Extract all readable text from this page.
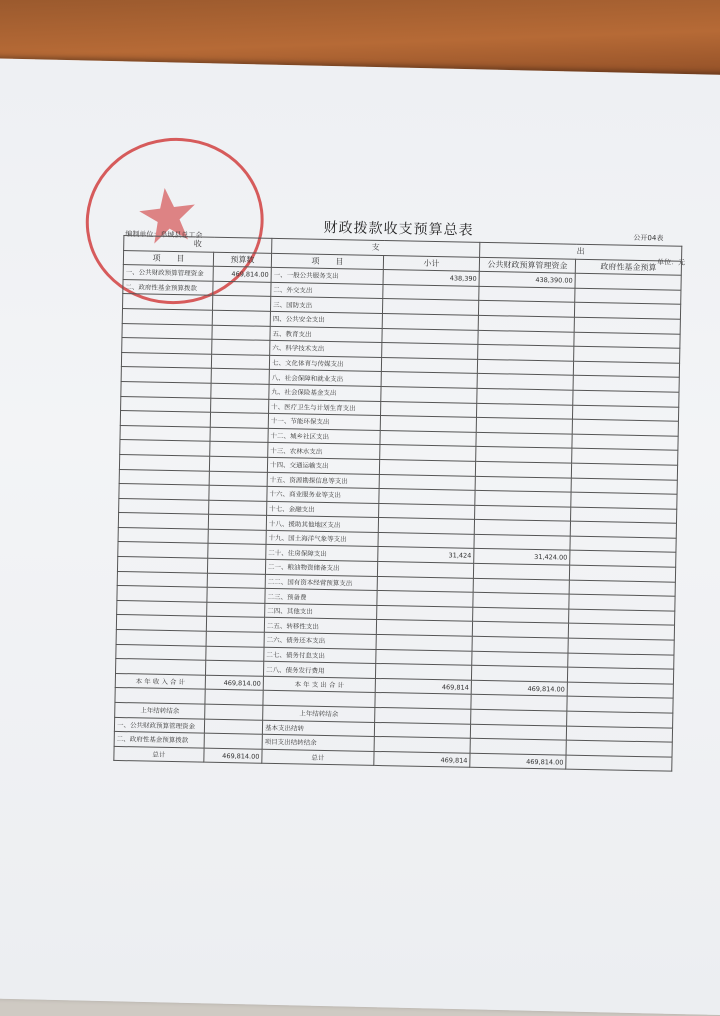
财政拨款收支预算总表	公开04表
编制单位：阜城县总工会
单位：元
收		支		出	
项　　目	预算数	项　　目	小计	公共财政预算管理资金	政府性基金预算
一、公共财政预算管理资金	469,814.00	一、一般公共服务支出	438,390	438,390.00	
二、政府性基金预算拨款		二、外交支出			
		三、国防支出			
		四、公共安全支出			
		五、教育支出			
		六、科学技术支出			
		七、文化体育与传媒支出			
		八、社会保障和就业支出			
		九、社会保险基金支出			
		十、医疗卫生与计划生育支出			
		十一、节能环保支出			
		十二、城乡社区支出			
		十三、农林水支出			
		十四、交通运输支出			
		十五、资源勘探信息等支出			
		十六、商业服务业等支出			
		十七、金融支出			
		十八、援助其他地区支出			
		十九、国土海洋气象等支出			
		二十、住房保障支出	31,424	31,424.00	
		二一、粮油物资储备支出			
		二二、国有资本经营预算支出			
		二三、预备费			
		二四、其他支出			
		二五、转移性支出			
		二六、债务还本支出			
		二七、债务付息支出			
		二八、债务发行费用			
本 年 收 入 合 计	469,814.00	本 年 支 出 合 计	469,814	469,814.00	

上年结转结余		上年结转结余			
一、公共财政预算管理资金		基本支出结转			
二、政府性基金预算拨款		项目支出结转结余			
总计	469,814.00	总计	469,814	469,814.00	
